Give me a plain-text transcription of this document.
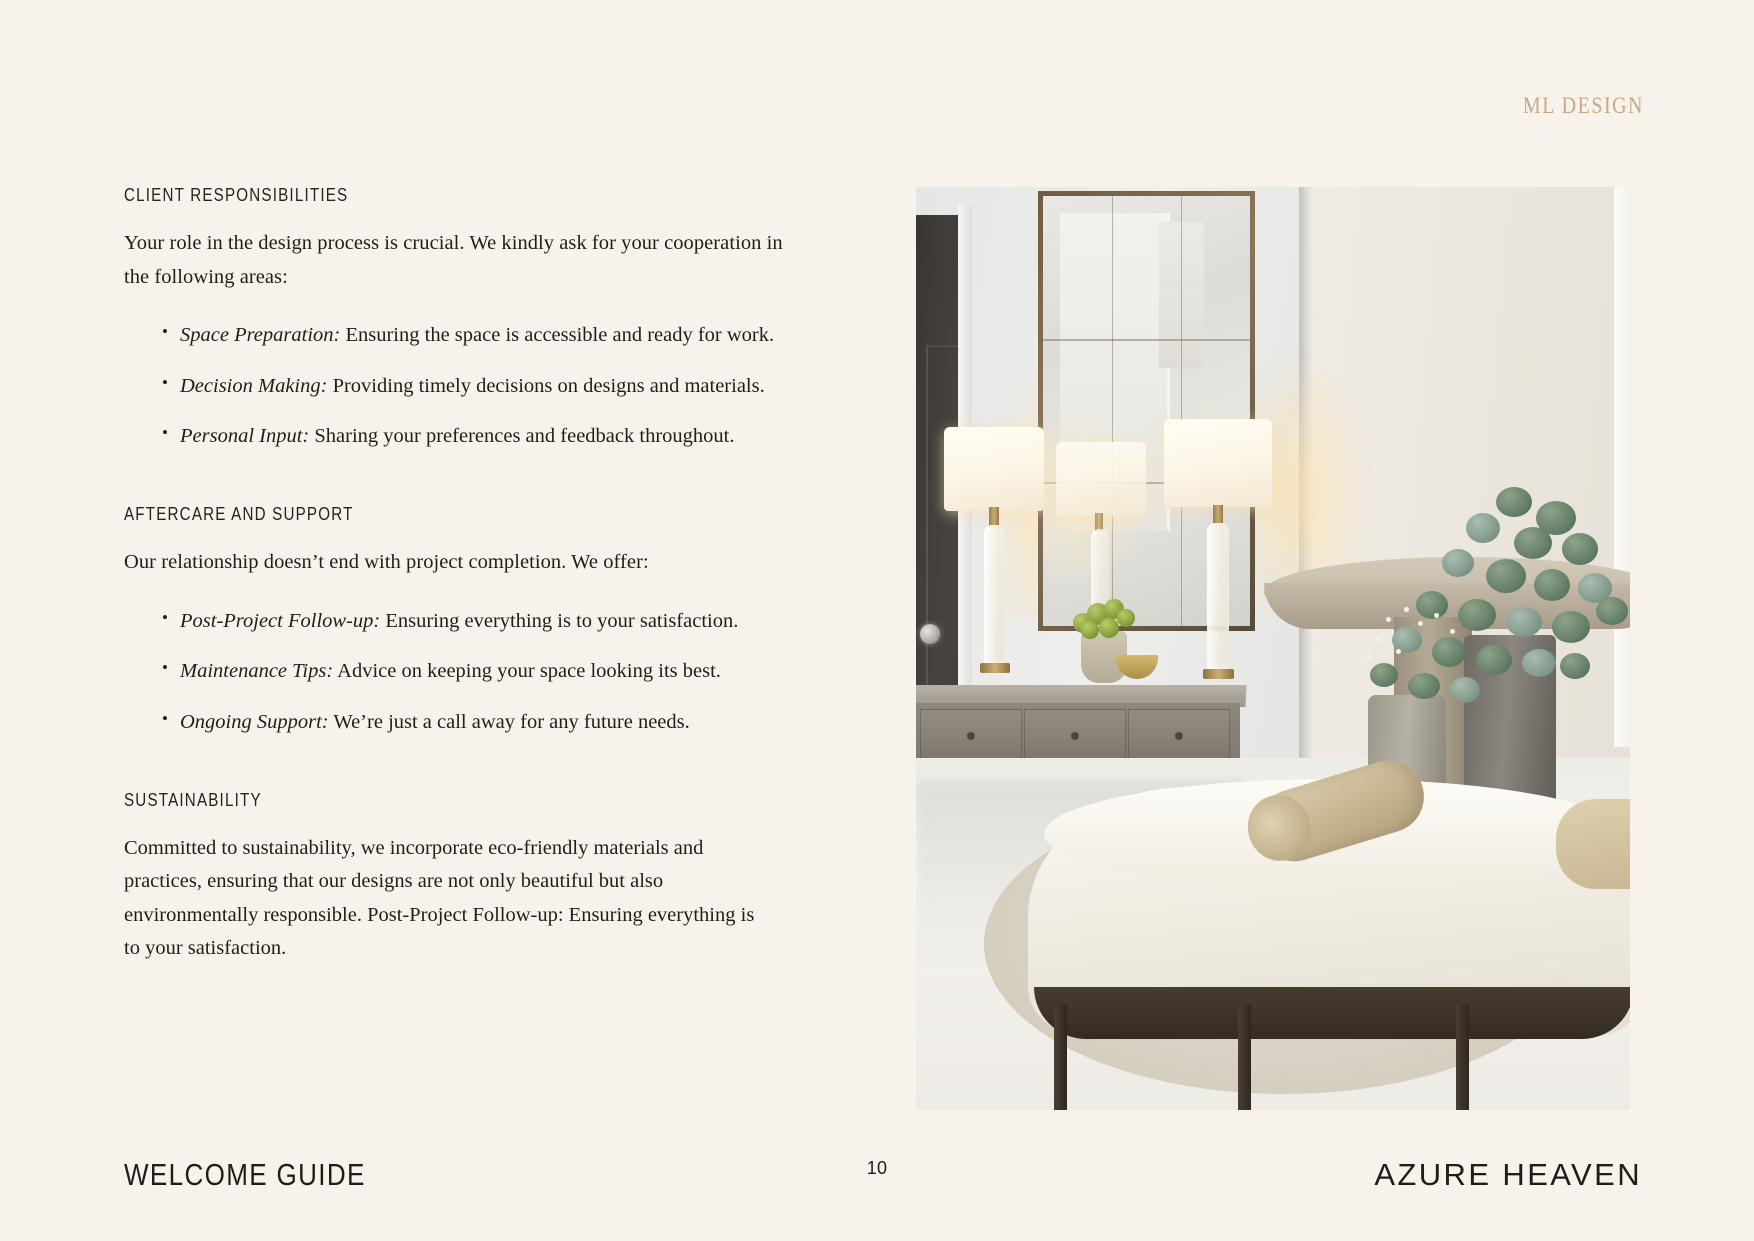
ML DESIGN
CLIENT RESPONSIBILITIES

Your role in the design process is crucial. We kindly ask for your cooperation in the following areas:

• Space Preparation: Ensuring the space is accessible and ready for work.
• Decision Making: Providing timely decisions on designs and materials.
• Personal Input: Sharing your preferences and feedback throughout.
AFTERCARE AND SUPPORT

Our relationship doesn’t end with project completion. We offer:

• Post-Project Follow-up: Ensuring everything is to your satisfaction.
• Maintenance Tips: Advice on keeping your space looking its best.
• Ongoing Support: We’re just a call away for any future needs.
SUSTAINABILITY

Committed to sustainability, we incorporate eco-friendly materials and practices, ensuring that our designs are not only beautiful but also environmentally responsible. Post-Project Follow-up: Ensuring everything is to your satisfaction.

WELCOME GUIDE	10	AZURE HEAVEN
